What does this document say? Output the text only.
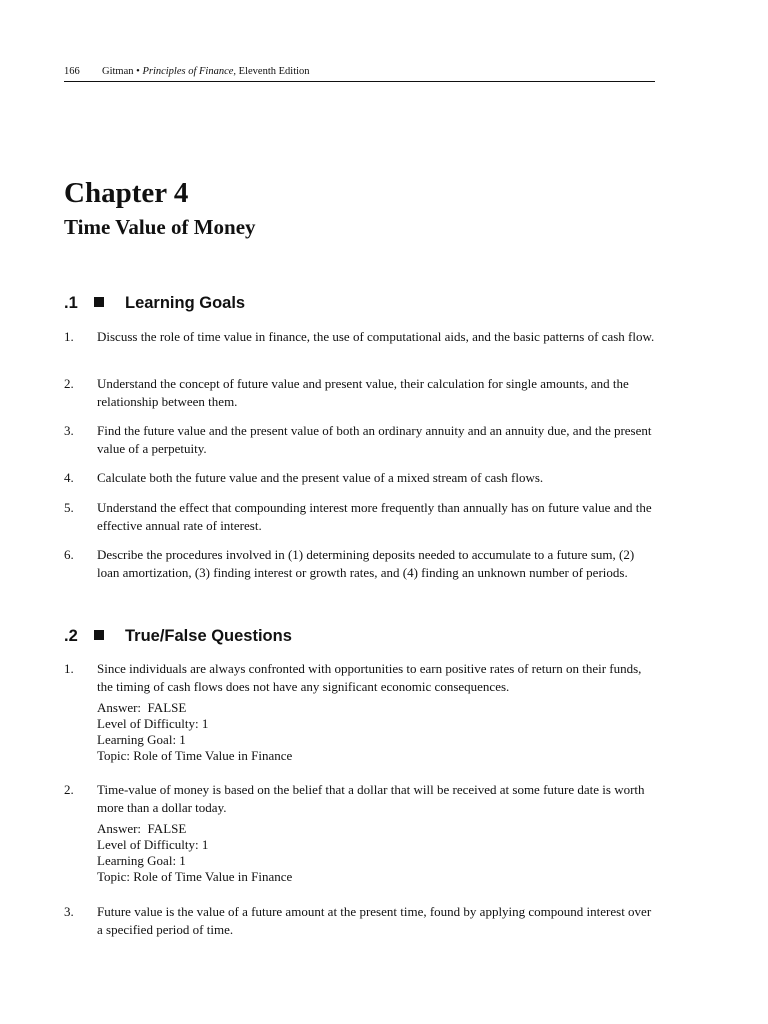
166 Gitman • Principles of Finance, Eleventh Edition
Chapter 4
Time Value of Money
.1	Learning Goals
1. Discuss the role of time value in finance, the use of computational aids, and the basic patterns of cash flow.
2. Understand the concept of future value and present value, their calculation for single amounts, and the relationship between them.
3. Find the future value and the present value of both an ordinary annuity and an annuity due, and the present value of a perpetuity.
4. Calculate both the future value and the present value of a mixed stream of cash flows.
5. Understand the effect that compounding interest more frequently than annually has on future value and the effective annual rate of interest.
6. Describe the procedures involved in (1) determining deposits needed to accumulate to a future sum, (2) loan amortization, (3) finding interest or growth rates, and (4) finding an unknown number of periods.
.2	True/False Questions
1. Since individuals are always confronted with opportunities to earn positive rates of return on their funds, the timing of cash flows does not have any significant economic consequences.
Answer:  FALSE
Level of Difficulty: 1
Learning Goal: 1
Topic: Role of Time Value in Finance
2. Time-value of money is based on the belief that a dollar that will be received at some future date is worth more than a dollar today.
Answer:  FALSE
Level of Difficulty: 1
Learning Goal: 1
Topic: Role of Time Value in Finance
3. Future value is the value of a future amount at the present time, found by applying compound interest over a specified period of time.
